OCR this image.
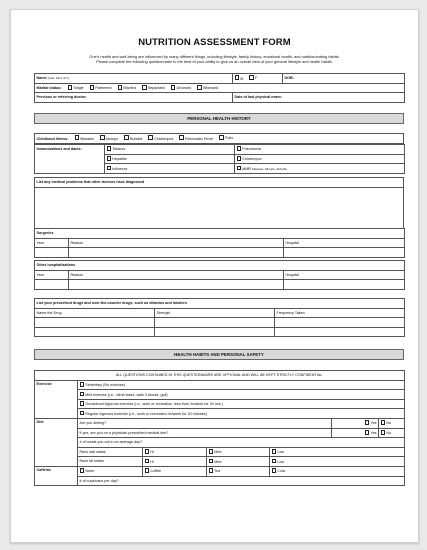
NUTRITION ASSESSMENT FORM
One's health and well-being are influenced by many different things, including lifestyle, family history, emotional health, and nutrition/eating habits.
Please complete the following questionnaire to the best of your ability to give us an overall view of your general lifestyle and health habits.
Name (Last, First, M.I.)	M F	DOB:
Marital status: Single Partnered Married Separated Divorced Widowed		
Previous or referring doctor:	Date of last physical exam:	
PERSONAL HEALTH HISTORY
Childhood illness:	Measles	Mumps	Rubella	Chickenpox	Rheumatic Fever	Polio
Immunizations and dates:	Tetanus	Pneumonia
	Hepatitis	Chickenpox
	Influenza	MMR Measles, Mumps, Rubella
List any medical problems that other doctors have diagnosed

Surgeries		
Year	Reason	Hospital

Other hospitalizations		
Year	Reason	Hospital

List your prescribed drugs and over-the-counter drugs, such as vitamins and inhalers		
Name the Drug	Strength	Frequency Taken

HEALTH HABITS AND PERSONAL SAFETY
ALL QUESTIONS CONTAINED IN THIS QUESTIONNAIRE ARE OPTIONAL AND WILL BE KEPT STRICTLY CONFIDENTIAL.						
Exercise	Sedentary (No exercise)					
	Mild exercise (i.e., climb stairs, walk 3 blocks, golf)					
	Occasional vigorous exercise (i.e., work or recreation, less than 4x/week for 30 min.)					
	Regular vigorous exercise (i.e., work or recreation 4x/week for 30 minutes)					
Diet	Are you dieting?				Yes	No
	If yes, are you on a physician prescribed medical diet?				Yes	No
	# of meals you eat in an average day?					
	Rank salt intake	Hi	Med	Low		
	Rank fat intake	Hi	Med	Low		
Caffeine	None	Coffee	Tea	Cola		
	# of cups/cans per day?					
